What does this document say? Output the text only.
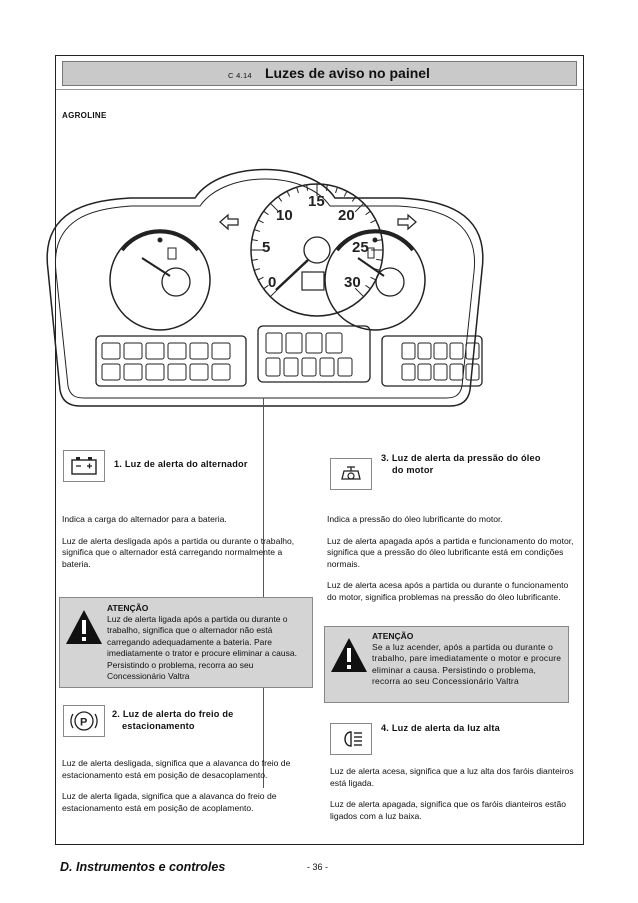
C 4.14 Luzes de aviso no painel
AGROLINE
0
5
10
15
20
25
30
1. Luz de alerta do alternador

Indica a carga do alternador para a bateria.

Luz de alerta desligada após a partida ou durante o trabalho, significa que o alternador está carregando normalmente a bateria.

ATENÇÃO
Luz de alerta ligada após a partida ou durante o trabalho, significa que o alternador não está carregando adequadamente a bateria. Pare imediatamente o trator e procure eliminar a causa. Persistindo o problema, recorra ao seu Concessionário Valtra
P
2. Luz de alerta do freio de
estacionamento

Luz de alerta desligada, significa que a alavanca do freio de estacionamento está em posição de desacoplamento.

Luz de alerta ligada, significa que a alavanca do freio de estacionamento está em posição de acoplamento.

3. Luz de alerta da pressão do óleo
do motor

Indica a pressão do óleo lubrificante do motor.

Luz de alerta apagada após a partida e funcionamento do motor, significa que a pressão do óleo lubrificante está em condições normais.

Luz de alerta acesa após a partida ou durante o funcionamento do motor, significa problemas na pressão do óleo lubrificante.

ATENÇÃO
Se a luz acender, após a partida ou durante o trabalho, pare imediatamente o motor e procure eliminar a causa. Persistindo o problema, recorra ao seu Concessionário Valtra
4. Luz de alerta da luz alta

Luz de alerta acesa, significa que a luz alta dos faróis dianteiros está ligada.

Luz de alerta apagada, significa que os faróis dianteiros estão ligados com a luz baixa.

D. Instrumentos e controles	- 36 -
